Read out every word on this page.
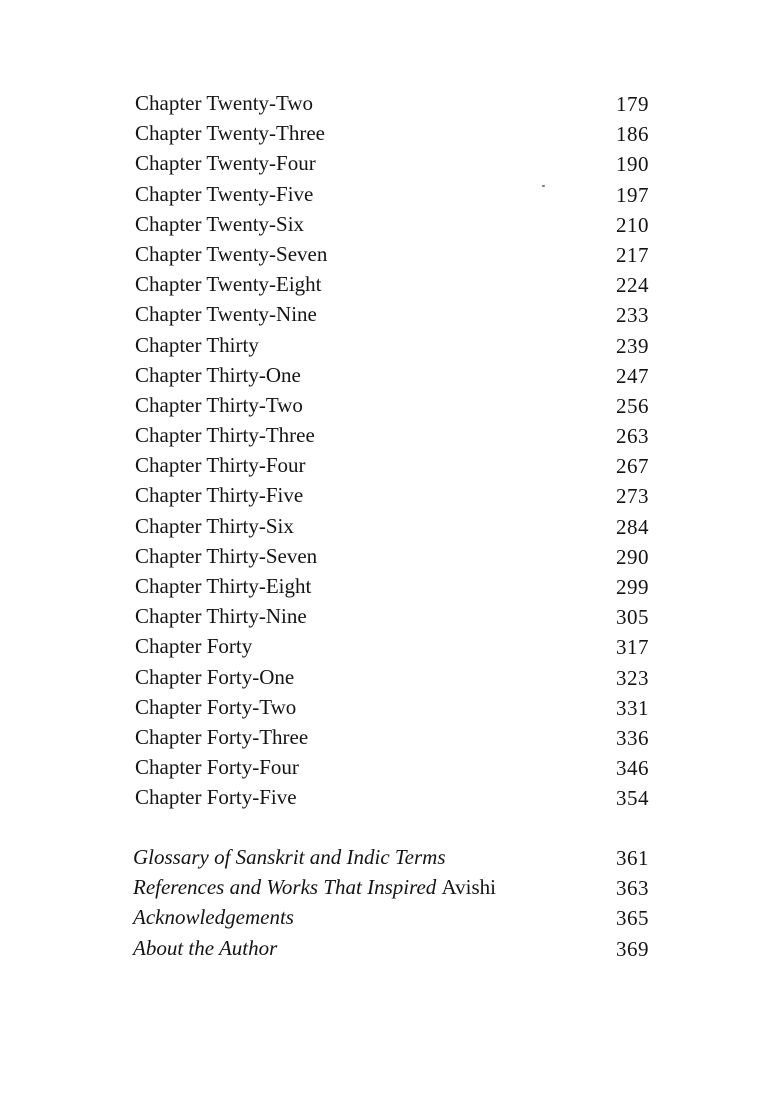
Chapter Twenty-Two	179
Chapter Twenty-Three	186
Chapter Twenty-Four	190
Chapter Twenty-Five	197
Chapter Twenty-Six	210
Chapter Twenty-Seven	217
Chapter Twenty-Eight	224
Chapter Twenty-Nine	233
Chapter Thirty	239
Chapter Thirty-One	247
Chapter Thirty-Two	256
Chapter Thirty-Three	263
Chapter Thirty-Four	267
Chapter Thirty-Five	273
Chapter Thirty-Six	284
Chapter Thirty-Seven	290
Chapter Thirty-Eight	299
Chapter Thirty-Nine	305
Chapter Forty	317
Chapter Forty-One	323
Chapter Forty-Two	331
Chapter Forty-Three	336
Chapter Forty-Four	346
Chapter Forty-Five	354
Glossary of Sanskrit and Indic Terms	361
References and Works That Inspired Avishi	363
Acknowledgements	365
About the Author	369
